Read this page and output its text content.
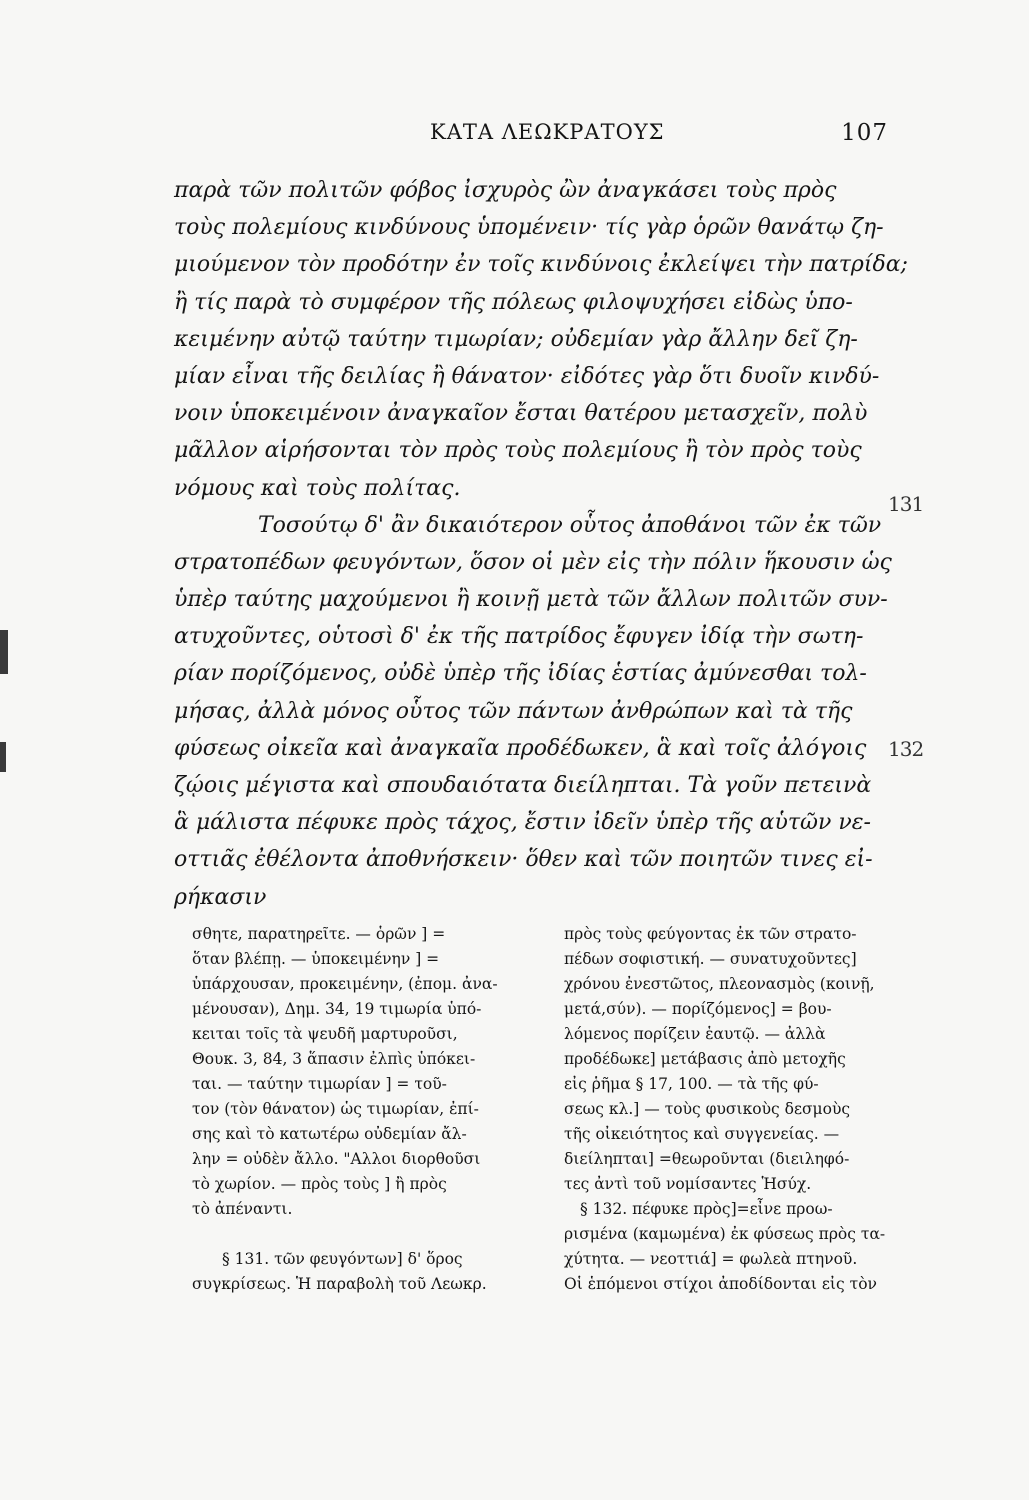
ΚΑΤΑ ΛΕΩΚΡΑΤΟΥΣ	107
παρὰ τῶν πολιτῶν φόβος ἰσχυρὸς ὢν ἀναγκάσει τοὺς πρὸς
τοὺς πολεμίους κινδύνους ὑπομένειν· τίς γὰρ ὁρῶν θανάτῳ ζη-
μιούμενον τὸν προδότην ἐν τοῖς κινδύνοις ἐκλείψει τὴν πατρίδα;
ἢ τίς παρὰ τὸ συμφέρον τῆς πόλεως φιλοψυχήσει εἰδὼς ὑπο-
κειμένην αὐτῷ ταύτην τιμωρίαν; οὐδεμίαν γὰρ ἄλλην δεῖ ζη-
μίαν εἶναι τῆς δειλίας ἢ θάνατον· εἰδότες γὰρ ὅτι δυοῖν κινδύ-
νοιν ὑποκειμένοιν ἀναγκαῖον ἔσται θατέρου μετασχεῖν, πολὺ
μᾶλλον αἱρήσονται τὸν πρὸς τοὺς πολεμίους ἢ τὸν πρὸς τοὺς
νόμους καὶ τοὺς πολίτας.
Τοσούτῳ δ' ἂν δικαιότερον οὗτος ἀποθάνοι τῶν ἐκ τῶν
στρατοπέδων φευγόντων, ὅσον οἱ μὲν εἰς τὴν πόλιν ἥκουσιν ὡς
ὑπὲρ ταύτης μαχούμενοι ἢ κοινῇ μετὰ τῶν ἄλλων πολιτῶν συν-
ατυχοῦντες, οὑτοσὶ δ' ἐκ τῆς πατρίδος ἔφυγεν ἰδίᾳ τὴν σωτη-
ρίαν πορίζόμενος, οὐδὲ ὑπὲρ τῆς ἰδίας ἑστίας ἀμύνεσθαι τολ-
μήσας, ἀλλὰ μόνος οὗτος τῶν πάντων ἀνθρώπων καὶ τὰ τῆς
φύσεως οἰκεῖα καὶ ἀναγκαῖα προδέδωκεν, ἃ καὶ τοῖς ἀλόγοις
ζῴοις μέγιστα καὶ σπουδαιότατα διείληπται. Τὰ γοῦν πετεινὰ
ἃ μάλιστα πέφυκε πρὸς τάχος, ἔστιν ἰδεῖν ὑπὲρ τῆς αὑτῶν νε-
οττιᾶς ἐθέλοντα ἀποθνήσκειν· ὅθεν καὶ τῶν ποιητῶν τινες εἰ-
ρήκασιν
131
132
σθητε, παρατηρεῖτε. — ὁρῶν ] =
ὅταν βλέπῃ. — ὑποκειμένην ] =
ὑπάρχουσαν, προκειμένην, (ἐπομ. ἀνα-
μένουσαν), Δημ. 34, 19 τιμωρία ὑπό-
κειται τοῖς τὰ ψευδῆ μαρτυροῦσι,
Θουκ. 3, 84, 3 ἅπασιν ἐλπὶς ὑπόκει-
ται. — ταύτην τιμωρίαν ] = τοῦ-
τον (τὸν θάνατον) ὡς τιμωρίαν, ἐπί-
σης καὶ τὸ κατωτέρω οὐδεμίαν ἄλ-
λην = οὐδὲν ἄλλο. "Αλλοι διορθοῦσι
τὸ χωρίον. — πρὸς τοὺς ] ἢ πρὸς
τὸ ἀπέναντι.
§ 131. τῶν φευγόντων] δ' ὅρος
συγκρίσεως. Ἡ παραβολὴ τοῦ Λεωκρ.
πρὸς τοὺς φεύγοντας ἐκ τῶν στρατο-
πέδων σοφιστική. — συνατυχοῦντες]
χρόνου ἐνεστῶτος, πλεονασμὸς (κοινῇ,
μετά,σύν). — πορίζόμενος] = βου-
λόμενος πορίζειν ἑαυτῷ. — ἀλλὰ
προδέδωκε] μετάβασις ἀπὸ μετοχῆς
εἰς ῥῆμα § 17, 100. — τὰ τῆς φύ-
σεως κλ.] — τοὺς φυσικοὺς δεσμοὺς
τῆς οἰκειότητος καὶ συγγενείας. —
διείληπται] =θεωροῦνται (διειληφό-
τες ἀντὶ τοῦ νομίσαντες Ἡσύχ.
§ 132. πέφυκε πρὸς]=εἶνε προω-
ρισμένα (καμωμένα) ἐκ φύσεως πρὸς τα-
χύτητα. — νεοττιά] = φωλεὰ πτηνοῦ.
Οἱ ἑπόμενοι στίχοι ἀποδίδονται εἰς τὸν
